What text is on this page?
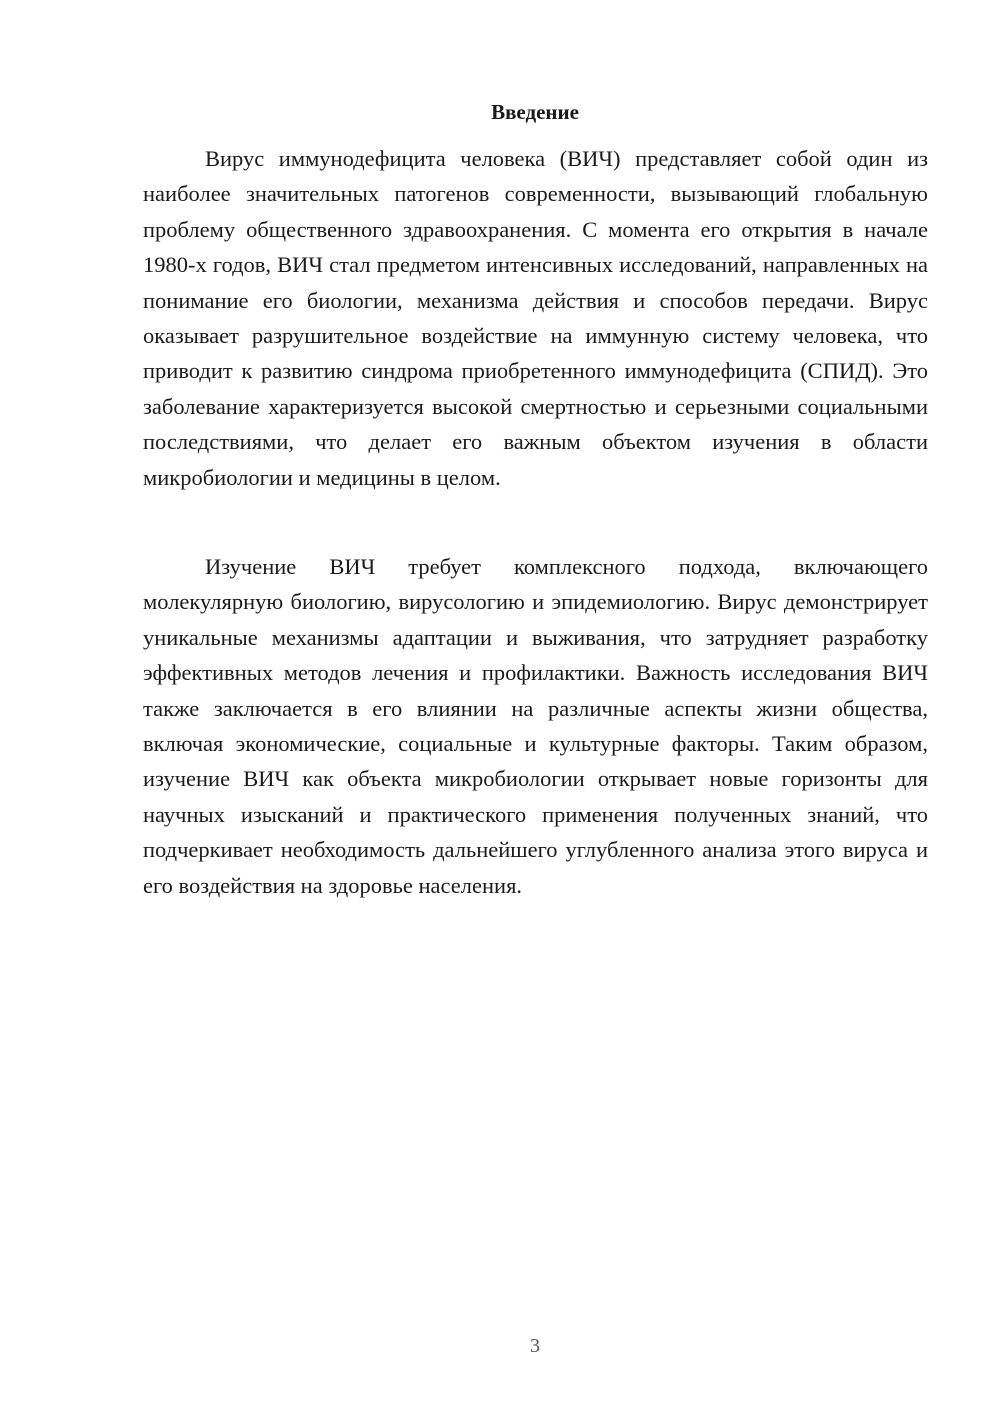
Введение

Вирус иммунодефицита человека (ВИЧ) представляет собой один из наиболее значительных патогенов современности, вызывающий глобальную проблему общественного здравоохранения. С момента его открытия в начале 1980-х годов, ВИЧ стал предметом интенсивных исследований, направленных на понимание его биологии, механизма действия и способов передачи. Вирус оказывает разрушительное воздействие на иммунную систему человека, что приводит к развитию синдрома приобретенного иммунодефицита (СПИД). Это заболевание характеризуется высокой смертностью и серьезными социальными последствиями, что делает его важным объектом изучения в области микробиологии и медицины в целом.

Изучение ВИЧ требует комплексного подхода, включающего молекулярную биологию, вирусологию и эпидемиологию. Вирус демонстрирует уникальные механизмы адаптации и выживания, что затрудняет разработку эффективных методов лечения и профилактики. Важность исследования ВИЧ также заключается в его влиянии на различные аспекты жизни общества, включая экономические, социальные и культурные факторы. Таким образом, изучение ВИЧ как объекта микробиологии открывает новые горизонты для научных изысканий и практического применения полученных знаний, что подчеркивает необходимость дальнейшего углубленного анализа этого вируса и его воздействия на здоровье населения.

3
